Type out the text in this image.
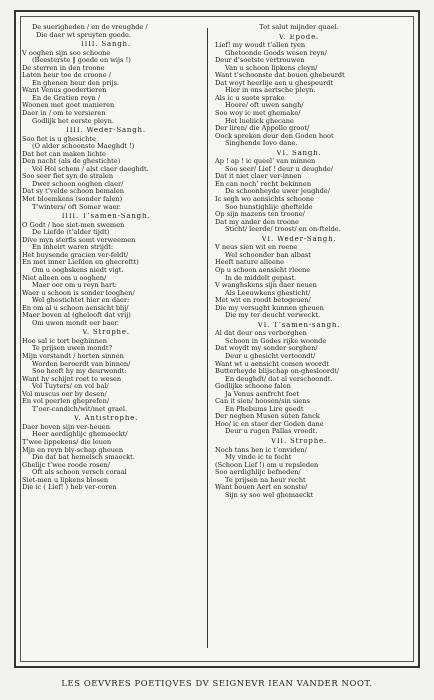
De suerigheden / en de vreughde /
Die daer wt spruyten goede.
IIII. Sangh.
V ooghen sijn soo schoone
(Beesterste ‖ goede en wijs !)
De sterren in den troone
Laten heur toe de croone /
En ghenen heur den prijs.
Want Venus goedertieren
En de Gratien reyn /
Woonen met goet manieren
Daer in / om te versieren
Godlijk het eerste pleyn.
IIII. Weder-Sangh.
Soo fiet is u ghesichte
(O alder schoonste Maeghdt !)
Dat het can maken lichte
Den nacht (als de ghestichte)
Vol Hol schem / alst claer daeghdt.
Soo seer fiet syn de stralen
Dwer schoon ooghen claer/
Dat sy t’velde schoon bemalen
Met bloemkens (sonder falen)
T’winters/ oft Somer waer.
IIII. T’samen-Sangh.
O Godt / hoe siet-men swemen
De Liefde (t’alder tijdt)
Dive myn sterfls somt verweemen
En inheirt waren strijdt:
Het buysende gracien ver-feldt/
En met inner Liefden en ghecreftt)
Om u ooghskens niedt vigt.
Niet alleen om u ooghen/
Maer oor om u reyn hart:
Waer u schoon is sonder looghen/
Wel ghestichtet hier en daer:
En om al u schoon aensicht blij/
Maer boven al (ghelooft dat vrij)
Om uwen mondt eer baer.
V. Strophe.
Hoe sal ic tort beghinnen
Te prijsen uwen mondt?
Mijn verstandt / herten sinnen
Worden beroerdt van binnen/
Soo heeft hy my deurwondt:
Want hy schijnt roet te wesen
Vol Tuyters/ en vol bal/
Vol muscus oer by desen/
En vol peerlen gheprefen/
T’oer-candich/wit/met grael.
V. Antistrophe.
Daer boven sijn ver-heuen
Heer aerdighlijc ghemaeckt/
T’wee lippekens/ die leuen
Mjn en reyn bly-schap gheuen
Die dat bat hemelsch smaeckt.
Ghelijc t’wee roode rosen/
Oft als schoon versch coraal
Siet-men u lipkens blosen
Die ic ( Lief! ) heb ver-coren
Tot salut mijnder quael.
V. Epode.
Lief! my woudt t’allen tyen
Ghetoonde Goods wesen reyn/
Deur d’soetste vertrouwen
Van u schoon lipkens cleyn/
Want t’schoonste dat bouen ghebeurdt
Dat woyt heerlije aen u ghespeurdt
Hier in ons aertsche pleyn.
Als ic u suete sprake
Hoore/ oft uwen sangh/
Soo woy ic met ghemake/
Het lueliick ghecane
Der liren/ die Appollo groot/
Oock spreken deur den Goden hoot
Singhende Iovo dane.
VI. Sangh.
Ap ! ap ! ic queel’ van minnen
Soo seer/ Lief ! deur u deughde/
Dat it niet claer ver-innen
En can noch’ recht bekinnen
De schoonheyde uwer jeughde/
Ic segh wo aensichts schoone
Soo hunstighlijc gheftelde
Op sijn mazens ten troone/
Dat my ander den troone
Sticht/ leerde/ troost/ en on-ftelde.
VI. Weder-Sangh.
V neus sien wit en reene
Wel schoonder ban albast
Heeft nature alleene
Op u schoon aensicht rleene
In de middelt gepast.
V wanghskens sijn daer neuen
Als Leeuwkens ghesticht/
Met wit en roodt betogeuen/
Die my versught kunnen gheuen
Die my ter deucht verweckt.
VI. T’samen-sangh.
Al dat deur ons verborghen
Schoon in Godes rijke woonde
Dat woydt my sonder sorghen/
Deur u ghesicht vertoondt/
Want wt u aensicht comen woordt
Butterheyde blijschap on-ghesloordt/
En deughdt/ dat al verschoondt.
Godlijke schoone falen
Ja Venus aenfrcht foet
Can it sien/ hoosen/sin siens
En Phebums Lire goedt
Der neghen Musen suten fanck
Hoo/ ic en staer der Goden dane
Deur u rugen Pallas vroedt.
VII. Strophe.
Noch tans ben ic t’onviden/
My vinde ic te fecht
(Schoon Lief !) om u repsleden
Soo aerdighlijc befneden/
Te prijsen na heur recht
Want bouen Aert en sonste/
Sijn sy soo wel ghemaeckt
LES OEVVRES POETIQVES DV SEIGNEVR IEAN VANDER NOOT.
